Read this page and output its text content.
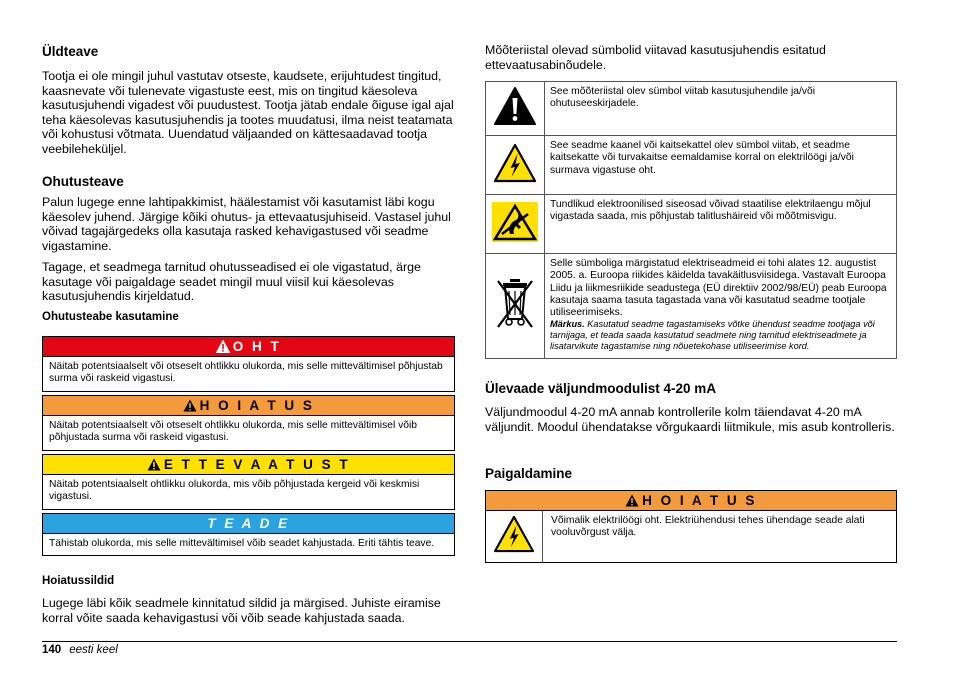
Üldteave

Tootja ei ole mingil juhul vastutav otseste, kaudsete, erijuhtudest tingitud, kaasnevate või tulenevate vigastuste eest, mis on tingitud käesoleva kasutusjuhendi vigadest või puudustest. Tootja jätab endale õiguse igal ajal teha käesolevas kasutusjuhendis ja tootes muudatusi, ilma neist teatamata või kohustusi võtmata. Uuendatud väljaanded on kättesaadavad tootja veebileheküljel.

Ohutusteave

Palun lugege enne lahtipakkimist, häälestamist või kasutamist läbi kogu käesolev juhend. Järgige kõiki ohutus- ja ettevaatusjuhiseid. Vastasel juhul võivad tagajärgedeks olla kasutaja rasked kehavigastused või seadme vigastamine.

Tagage, et seadmega tarnitud ohutusseadised ei ole vigastatud, ärge kasutage või paigaldage seadet mingil muul viisil kui käesolevas kasutusjuhendis kirjeldatud.

Ohutusteabe kasutamine
O H T
Näitab potentsiaalselt või otseselt ohtlikku olukorda, mis selle mittevältimisel põhjustab surma või raskeid vigastusi.
H O I A T U S
Näitab potentsiaalselt või otseselt ohtlikku olukorda, mis selle mittevältimisel võib põhjustada surma või raskeid vigastusi.
E T T E V A A T U S T
Näitab potentsiaalselt ohtlikku olukorda, mis võib põhjustada kergeid või keskmisi vigastusi.
T E A D E
Tähistab olukorda, mis selle mittevältimisel võib seadet kahjustada. Eriti tähtis teave.
Hoiatussildid

Lugege läbi kõik seadmele kinnitatud sildid ja märgised. Juhiste eiramise korral võite saada kehavigastusi või võib seade kahjustada saada.

Mõõteriistal olevad sümbolid viitavad kasutusjuhendis esitatud ettevaatusabinõudele.

	See mõõteriistal olev sümbol viitab kasutusjuhendile ja/või ohutuseeskirjadele.
	See seadme kaanel või kaitsekattel olev sümbol viitab, et seadme kaitsekatte või turvakaitse eemaldamise korral on elektrilöögi ja/või surmava vigastuse oht.
	Tundlikud elektroonilised siseosad võivad staatilise elektrilaengu mõjul vigastada saada, mis põhjustab talitlushäireid või mõõtmisvigu.
	Selle sümboliga märgistatud elektriseadmeid ei tohi alates 12. augustist 2005. a. Euroopa riikides käidelda tavakäitlusviisidega. Vastavalt Euroopa Liidu ja liikmesriikide seadustega (EÜ direktiiv 2002/98/EÜ) peab Euroopa kasutaja saama tasuta tagastada vana või kasutatud seadme tootjale utiliseerimiseks.
Märkus. Kasutatud seadme tagastamiseks võtke ühendust seadme tootjaga või tarnijaga, et teada saada kasutatud seadmete ning tarnitud elektriseadmete ja lisatarvikute tagastamise ning nõuetekohase utiliseerimise kord.
Ülevaade väljundmoodulist 4-20 mA

Väljundmoodul 4-20 mA annab kontrollerile kolm täiendavat 4-20 mA väljundit. Moodul ühendatakse võrgukaardi liitmikule, mis asub kontrolleris.

Paigaldamine
H O I A T U S
	Võimalik elektrilöögi oht. Elektriühendusi tehes ühendage seade alati vooluvõrgust välja.
140 eesti keel
